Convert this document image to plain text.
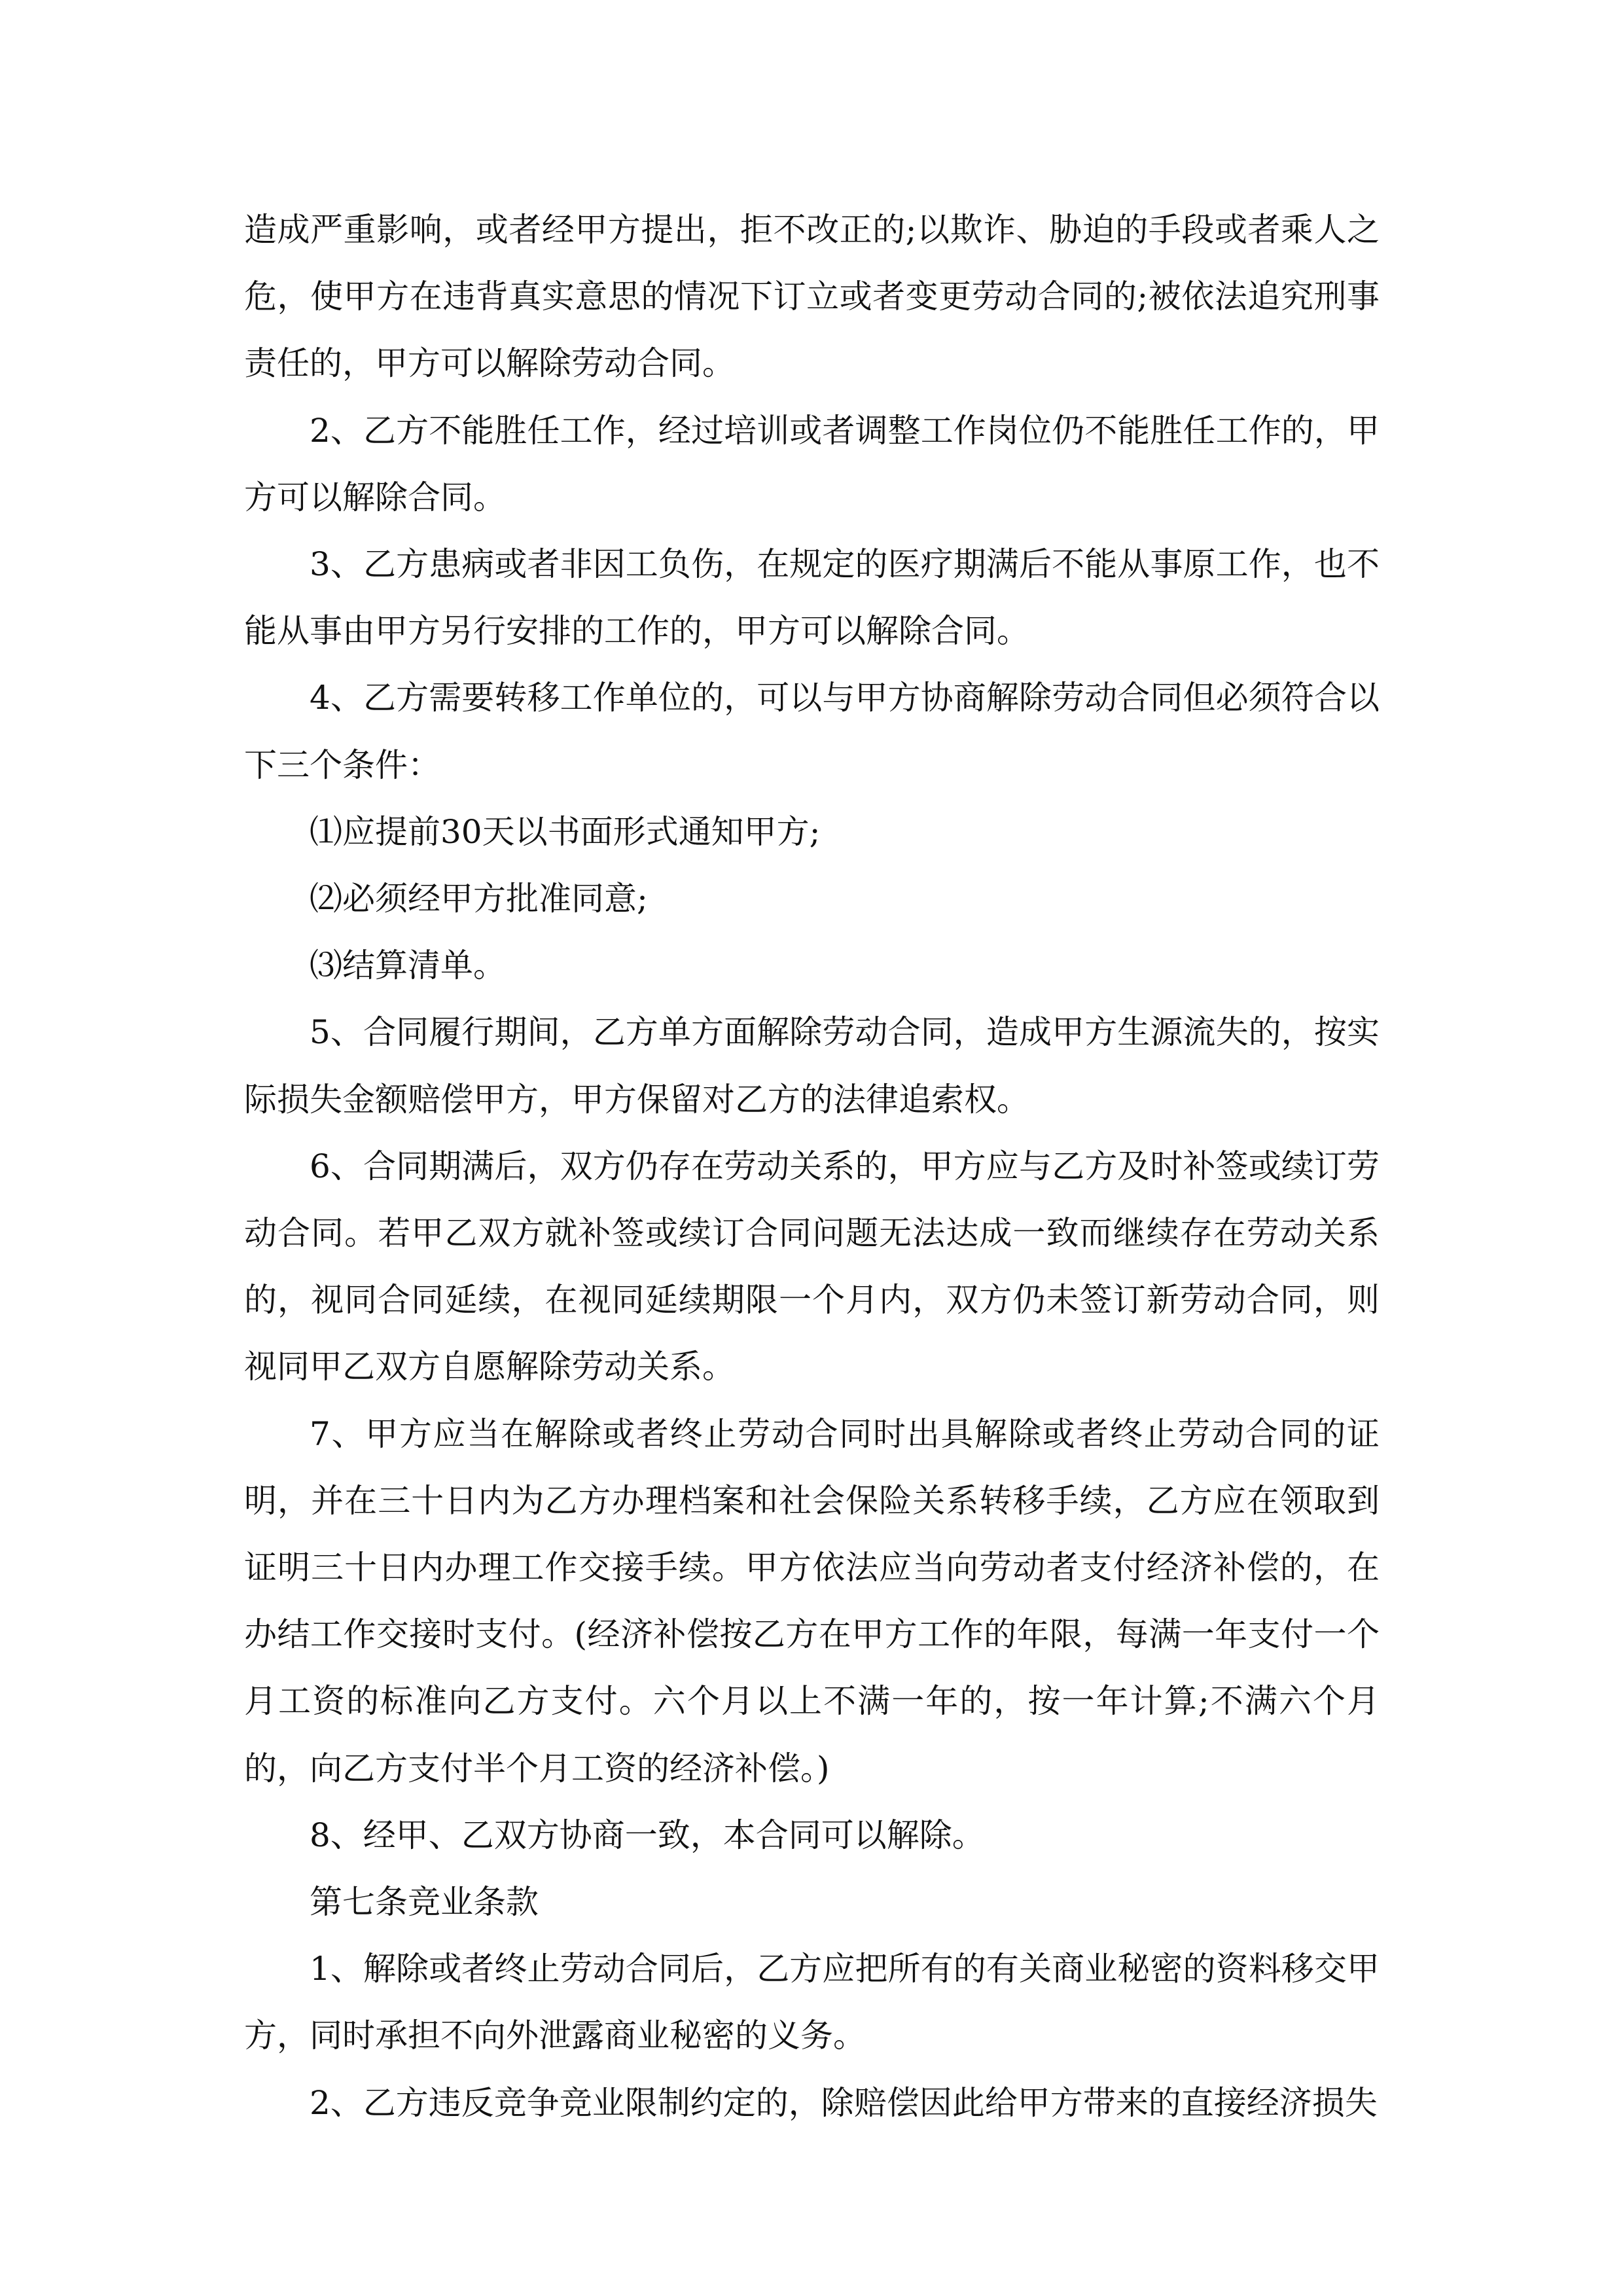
造成严重影响，或者经甲方提出，拒不改正的;以欺诈、胁迫的手段或者乘人之危，使甲方在违背真实意思的情况下订立或者变更劳动合同的;被依法追究刑事责任的，甲方可以解除劳动合同。

2、乙方不能胜任工作，经过培训或者调整工作岗位仍不能胜任工作的，甲方可以解除合同。

3、乙方患病或者非因工负伤，在规定的医疗期满后不能从事原工作，也不能从事由甲方另行安排的工作的，甲方可以解除合同。

4、乙方需要转移工作单位的，可以与甲方协商解除劳动合同但必须符合以下三个条件：

⑴应提前30天以书面形式通知甲方;

⑵必须经甲方批准同意;

⑶结算清单。

5、合同履行期间，乙方单方面解除劳动合同，造成甲方生源流失的，按实际损失金额赔偿甲方，甲方保留对乙方的法律追索权。

6、合同期满后，双方仍存在劳动关系的，甲方应与乙方及时补签或续订劳动合同。若甲乙双方就补签或续订合同问题无法达成一致而继续存在劳动关系的，视同合同延续，在视同延续期限一个月内，双方仍未签订新劳动合同，则视同甲乙双方自愿解除劳动关系。

7、甲方应当在解除或者终止劳动合同时出具解除或者终止劳动合同的证明，并在三十日内为乙方办理档案和社会保险关系转移手续，乙方应在领取到证明三十日内办理工作交接手续。甲方依法应当向劳动者支付经济补偿的，在办结工作交接时支付。(经济补偿按乙方在甲方工作的年限，每满一年支付一个月工资的标准向乙方支付。六个月以上不满一年的，按一年计算;不满六个月的，向乙方支付半个月工资的经济补偿。)

8、经甲、乙双方协商一致，本合同可以解除。

第七条竞业条款

1、解除或者终止劳动合同后，乙方应把所有的有关商业秘密的资料移交甲方，同时承担不向外泄露商业秘密的义务。

2、乙方违反竞争竞业限制约定的，除赔偿因此给甲方带来的直接经济损失
